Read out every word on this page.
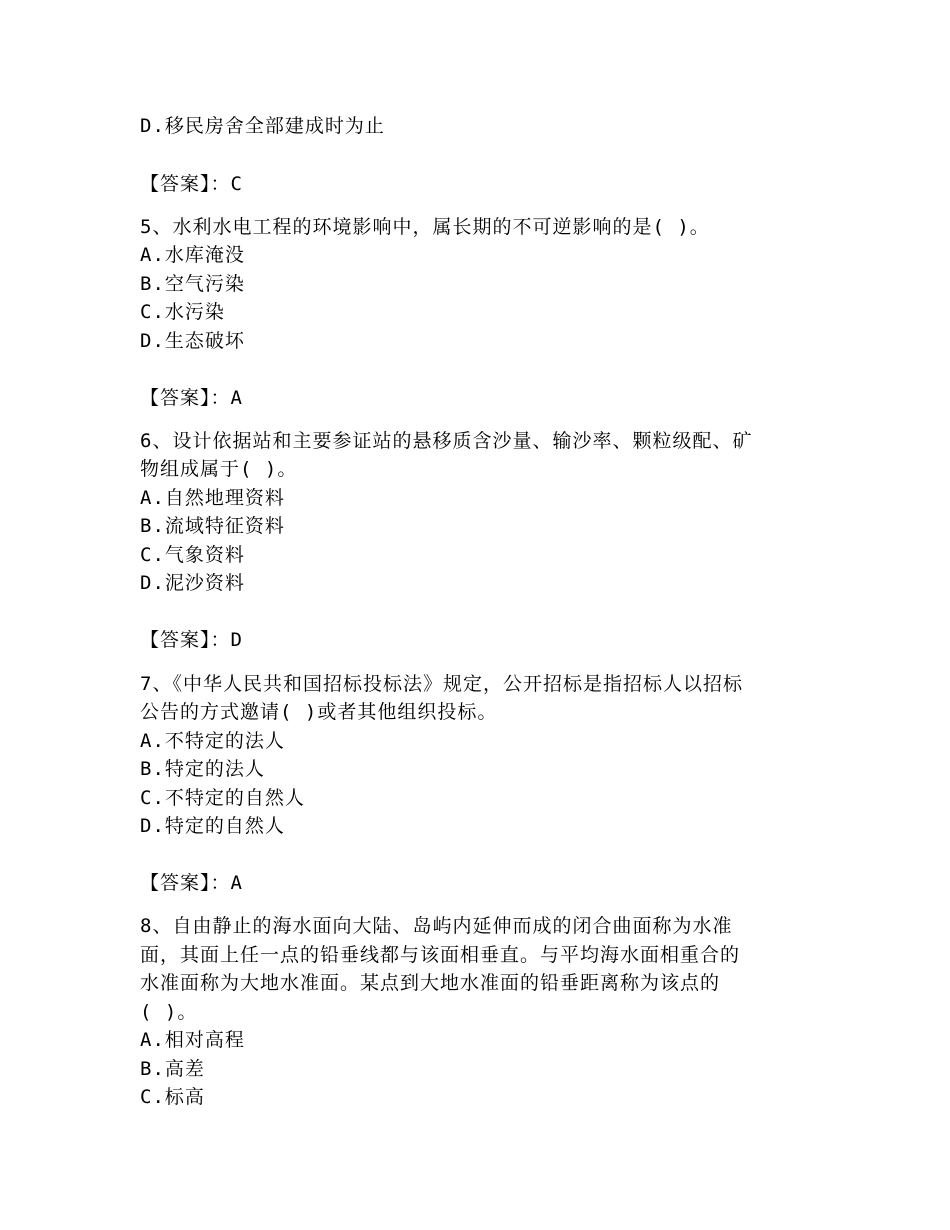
D.移民房舍全部建成时为止
【答案】：C
5、水利水电工程的环境影响中，属长期的不可逆影响的是( )。
A.水库淹没
B.空气污染
C.水污染
D.生态破坏
【答案】：A
6、设计依据站和主要参证站的悬移质含沙量、输沙率、颗粒级配、矿
物组成属于( )。
A.自然地理资料
B.流域特征资料
C.气象资料
D.泥沙资料
【答案】：D
7、《中华人民共和国招标投标法》规定，公开招标是指招标人以招标
公告的方式邀请( )或者其他组织投标。
A.不特定的法人
B.特定的法人
C.不特定的自然人
D.特定的自然人
【答案】：A
8、自由静止的海水面向大陆、岛屿内延伸而成的闭合曲面称为水准
面，其面上任一点的铅垂线都与该面相垂直。与平均海水面相重合的
水准面称为大地水准面。某点到大地水准面的铅垂距离称为该点的
( )。
A.相对高程
B.高差
C.标高
